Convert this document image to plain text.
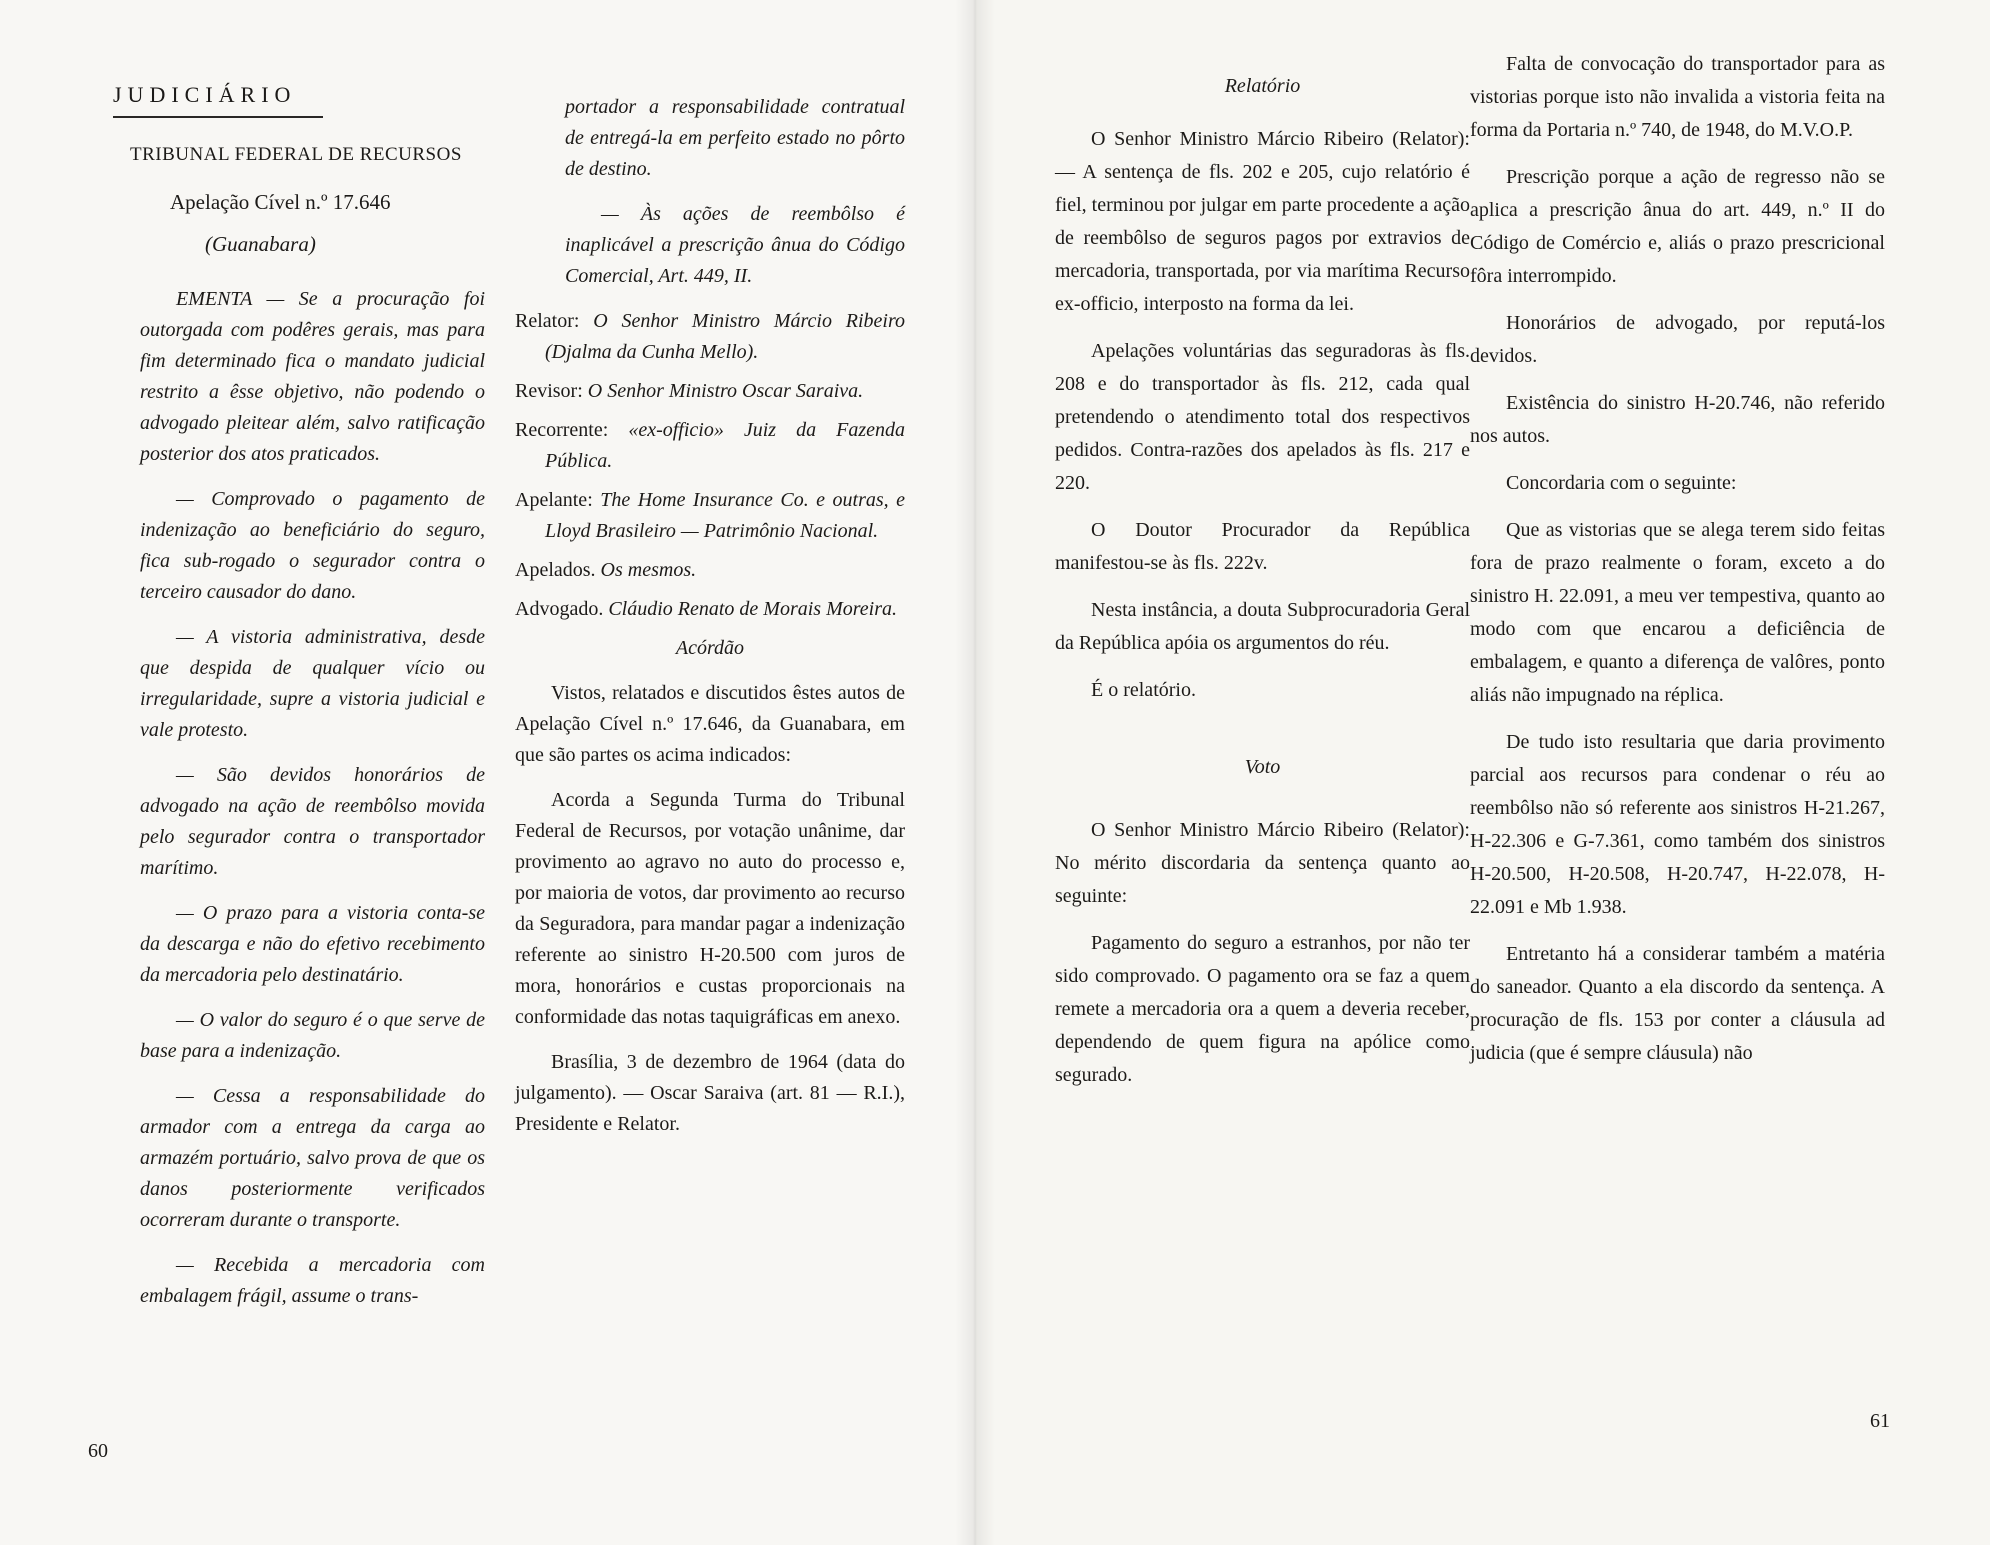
JUDICIÁRIO
TRIBUNAL FEDERAL DE RECURSOS
Apelação Cível n.º 17.646
(Guanabara)

EMENTA — Se a procuração foi outorgada com podêres gerais, mas para fim determinado fica o mandato judicial restrito a êsse objetivo, não podendo o advogado pleitear além, salvo ratificação posterior dos atos praticados.

— Comprovado o pagamento de indenização ao beneficiário do seguro, fica sub-rogado o segurador contra o terceiro causador do dano.

— A vistoria administrativa, desde que despida de qualquer vício ou irregularidade, supre a vistoria judicial e vale protesto.

— São devidos honorários de advogado na ação de reembôlso movida pelo segurador contra o transportador marítimo.

— O prazo para a vistoria conta-se da descarga e não do efetivo recebimento da mercadoria pelo destinatário.

— O valor do seguro é o que serve de base para a indenização.

— Cessa a responsabilidade do armador com a entrega da carga ao armazém portuário, salvo prova de que os danos posteriormente verificados ocorreram durante o transporte.

— Recebida a mercadoria com embalagem frágil, assume o trans-

portador a responsabilidade contratual de entregá-la em perfeito estado no pôrto de destino.

— Às ações de reembôlso é inaplicável a prescrição ânua do Código Comercial, Art. 449, II.

Relator: O Senhor Ministro Márcio Ribeiro (Djalma da Cunha Mello).

Revisor: O Senhor Ministro Oscar Saraiva.

Recorrente: «ex-officio» Juiz da Fazenda Pública.

Apelante: The Home Insurance Co. e outras, e Lloyd Brasileiro — Patrimônio Nacional.

Apelados. Os mesmos.

Advogado. Cláudio Renato de Morais Moreira.

Acórdão

Vistos, relatados e discutidos êstes autos de Apelação Cível n.º 17.646, da Guanabara, em que são partes os acima indicados:

Acorda a Segunda Turma do Tribunal Federal de Recursos, por votação unânime, dar provimento ao agravo no auto do processo e, por maioria de votos, dar provimento ao recurso da Seguradora, para mandar pagar a indenização referente ao sinistro H-20.500 com juros de mora, honorários e custas proporcionais na conformidade das notas taquigráficas em anexo.

Brasília, 3 de dezembro de 1964 (data do julgamento). — Oscar Saraiva (art. 81 — R.I.), Presidente e Relator.

60
Relatório

O Senhor Ministro Márcio Ribeiro (Relator): — A sentença de fls. 202 e 205, cujo relatório é fiel, terminou por julgar em parte procedente a ação de reembôlso de seguros pagos por extravios de mercadoria, transportada, por via marítima Recurso ex-officio, interposto na forma da lei.

Apelações voluntárias das seguradoras às fls. 208 e do transportador às fls. 212, cada qual pretendendo o atendimento total dos respectivos pedidos. Contra-razões dos apelados às fls. 217 e 220.

O Doutor Procurador da República manifestou-se às fls. 222v.

Nesta instância, a douta Subprocuradoria Geral da República apóia os argumentos do réu.

É o relatório.

Voto

O Senhor Ministro Márcio Ribeiro (Relator): No mérito discordaria da sentença quanto ao seguinte:

Pagamento do seguro a estranhos, por não ter sido comprovado. O pagamento ora se faz a quem remete a mercadoria ora a quem a deveria receber, dependendo de quem figura na apólice como segurado.

Falta de convocação do transportador para as vistorias porque isto não invalida a vistoria feita na forma da Portaria n.º 740, de 1948, do M.V.O.P.

Prescrição porque a ação de regresso não se aplica a prescrição ânua do art. 449, n.º II do Código de Comércio e, aliás o prazo prescricional fôra interrompido.

Honorários de advogado, por reputá-los devidos.

Existência do sinistro H-20.746, não referido nos autos.

Concordaria com o seguinte:

Que as vistorias que se alega terem sido feitas fora de prazo realmente o foram, exceto a do sinistro H. 22.091, a meu ver tempestiva, quanto ao modo com que encarou a deficiência de embalagem, e quanto a diferença de valôres, ponto aliás não impugnado na réplica.

De tudo isto resultaria que daria provimento parcial aos recursos para condenar o réu ao reembôlso não só referente aos sinistros H-21.267, H-22.306 e G-7.361, como também dos sinistros H-20.500, H-20.508, H-20.747, H-22.078, H-22.091 e Mb 1.938.

Entretanto há a considerar também a matéria do saneador. Quanto a ela discordo da sentença. A procuração de fls. 153 por conter a cláusula ad judicia (que é sempre cláusula) não

61
